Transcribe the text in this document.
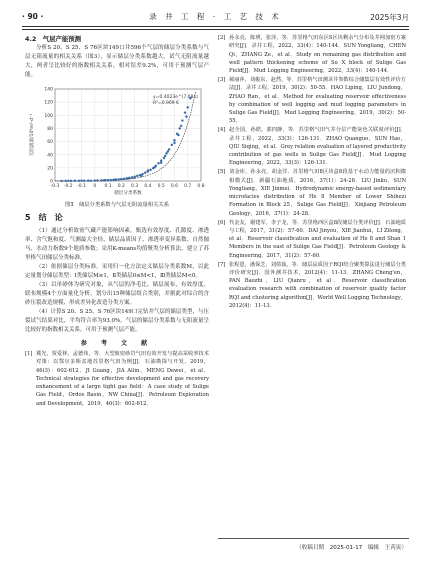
· 90 ·	录 井 工 程 · 工 艺 技 术	2025年3月
4.2　气层产能预测

分析S 20、S 25、S 76区块149口井596个气层的储层分类系数与气层无阻流量的相关关系（图3），显示储层分类系数越大，试气无阻流量越大，两者呈比较好的指数相关关系，相对误差9.2%，可用于预测气层产能。

0
20
40
60
80
100
120
140
-0.3 -0.2 -0.1 0 0.1 0.2 0.3 0.4 0.5 0.6 0.7 0.8
储层分类系数
无阻流量/10⁴m³·d⁻¹
y=0.4023e^(7.68x)
R²=0.909 6
图3　储层分类系数与气层无阻流量相关关系
5　结　论

（1）通过分析致密气藏产能影响因素，甄选有效厚度、孔隙度、渗透率、含气饱和度、气测最大全烃、储层品质因子、渗透率变异系数、自然伽马、水动力指数9个地质参数；采用K-means均值聚类分析算法，建立了苏里格气田储层分类标准。

（2）依据储层分类标准，采用归一化方法定义储层分类系数M，以此定量划分储层类型：Ⅰ类储层M≥1，Ⅱ类储层0≤M<1，Ⅲ类储层M<0。

（3）以单砂体为研究对象，从气层的净毛比、储层展布、有效厚度、联布规模4个方面量化分析，划分出15种储层组合类别，并据此对综合的含砂压裂改造规模、形成差异化改造分类方案。

（4）计算S 20、S 25、S 76区块149口完钻井气层的储层类型，与压裂试气结果对比，平均符合率为93.0%。气层的储层分类系数与无阻流量呈比较好的指数相关关系，可用于预测气层产能。

参 考 文 献
[1] 冀光，贾爱林，孟德伟，等．大型致密砂岩气田有效开发与提高采收率技术对策：以鄂尔多斯盆地苏里格气田为例[J]．石油勘探与开发，2019，46(3)：602-612．JI Guang，JIA Ailin，MENG Dewei，et al．Technical strategies for effective development and gas recovery enhancement of a large tight gas field：A case study of Sulige Gas Field，Ordos Basin，NW China[J]．Petroleum Exploration and Development，2019，46(3)：602-612．
[2] 孙永亮，陈瑛，张泽，等．苏里格气田东区S区块剩余气分布及井网加密方案研究[J]．录井工程，2022，33(4)：140-144．SUN Yongliang，CHEN Qi，ZHANG Ze，et al．Study on remaining gas distribution and well pattern thickening scheme of Su X block of Sulige Gas Field[J]．Mud Logging Engineering，2022，33(4)：140-144．
[3] 郝丽萍，刘俊东，赵然，等．苏里格气田测录井参数综合储集层有效性评价方法[J]．录井工程，2019，30(2)：50-55．HAO Liping，LIU Jundong，ZHAO Ran，et al．Method for evaluating reservoir effectiveness by combination of well logging and mud logging parameters in Sulige Gas Field[J]．Mud Logging Engineering，2019，30(2)：50-55．
[4] 赵全国，孙皓，郭四静，等．苏里格气田气井分层产能灰色关联度评价[J]．录井工程，2022，33(3)：126-131．ZHAO Quanguo，SUN Hao，QIU Siqing，et al．Grey relation evaluation of layered productivity contribution of gas wells in Sulige Gas Field[J]．Mud Logging Engineering，2022，33(3)：126-131．
[5] 刘金库，孙永亮，胡金洋．苏里格气田8区块盒8段基于水动力能量的沉积微相模式[J]．新疆石油地质，2016，37(1)：24-28．LIU Jinku，SUN Yongliang，XIE Jinmei．Hydrodynamic energy-based sedimentary microfacies distribution of He 8 Member of Lower Shihezi Formation in Block 25，Sulige Gas Field[J]．Xinjiang Petroleum Geology，2016，37(1)：24-28．
[6] 代金友，谢建军，李子龙，等．苏里格西区盒8段储层分类评价[J]．石油地质与工程，2017，31(2)：57-60．DAI Jinyou，XIE Jianhui，LI Zilong，et al．Reservoir classification and evaluation of He 8 and Shan 1 Members in the east of Sulige Gas Field[J]．Petroleum Geology & Engineering，2017，31(2)：57-60．
[7] 张程恩，潘保芝，刘倩茹，等．储层品质因子RQI结合聚类算法进行储层分类评价研究[J]．国外测井技术，2012(4)：11-13．ZHANG Cheng'en，PAN Baozhi，LIU Qianru，et al．Reservoir classification evaluation research with combination of reservoir quality factor RQI and clustering algorithm[J]．World Well Logging Technology，2012(4)：11-13．
（收稿日期　2025-01-17　编辑　王芮寅）
